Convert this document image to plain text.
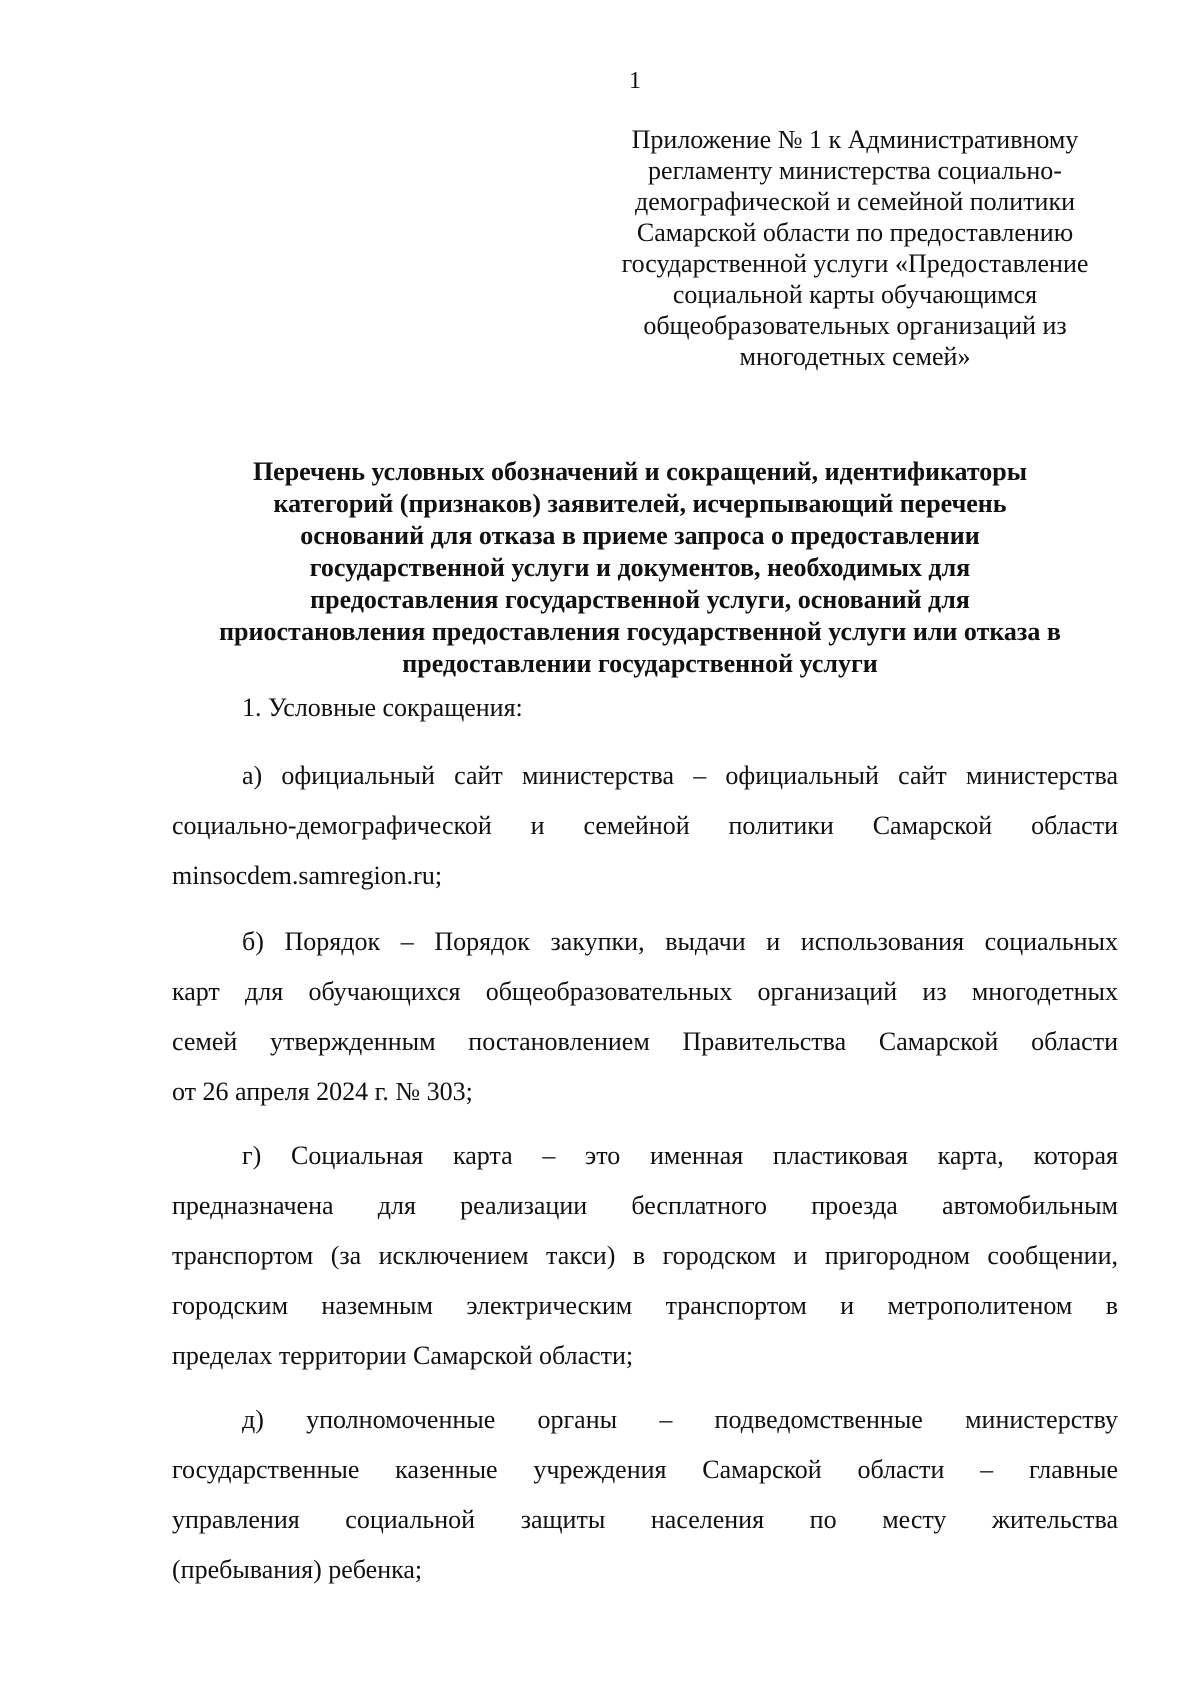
1
Приложение № 1 к Административному
регламенту министерства социально-
демографической и семейной политики
Самарской области по предоставлению
государственной услуги «Предоставление
социальной карты обучающимся
общеобразовательных организаций из
многодетных семей»
Перечень условных обозначений и сокращений, идентификаторы
категорий (признаков) заявителей, исчерпывающий перечень
оснований для отказа в приеме запроса о предоставлении
государственной услуги и документов, необходимых для
предоставления государственной услуги, оснований для
приостановления предоставления государственной услуги или отказа в
предоставлении государственной услуги
1. Условные сокращения:
а) официальный сайт министерства – официальный сайт министерства
социально-демографической и семейной политики Самарской области
minsocdem.samregion.ru;
б) Порядок – Порядок закупки, выдачи и использования социальных
карт для обучающихся общеобразовательных организаций из многодетных
семей утвержденным постановлением Правительства Самарской области
от 26 апреля 2024 г. № 303;
г) Социальная карта – это именная пластиковая карта, которая
предназначена для реализации бесплатного проезда автомобильным
транспортом (за исключением такси) в городском и пригородном сообщении,
городским наземным электрическим транспортом и метрополитеном в
пределах территории Самарской области;
д) уполномоченные органы – подведомственные министерству
государственные казенные учреждения Самарской области – главные
управления социальной защиты населения по месту жительства
(пребывания) ребенка;
